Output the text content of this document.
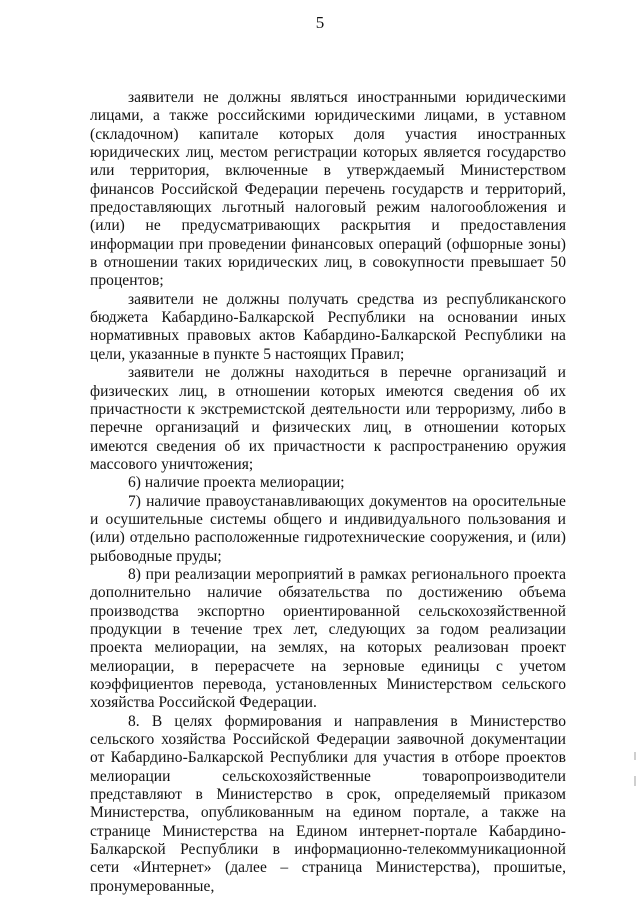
5

заявители не должны являться иностранными юридическими лицами, а также российскими юридическими лицами, в уставном (складочном) капитале которых доля участия иностранных юридических лиц, местом регистрации которых является государство или территория, включенные в утверждаемый Министерством финансов Российской Федерации перечень государств и территорий, предоставляющих льготный налоговый режим налогообложения и (или) не предусматривающих раскрытия и предоставления информации при проведении финансовых операций (офшорные зоны) в отношении таких юридических лиц, в совокупности превышает 50 процентов;

заявители не должны получать средства из республиканского бюджета Кабардино-Балкарской Республики на основании иных нормативных правовых актов Кабардино-Балкарской Республики на цели, указанные в пункте 5 настоящих Правил;

заявители не должны находиться в перечне организаций и физических лиц, в отношении которых имеются сведения об их причастности к экстремистской деятельности или терроризму, либо в перечне организаций и физических лиц, в отношении которых имеются сведения об их причастности к распространению оружия массового уничтожения;

6) наличие проекта мелиорации;

7) наличие правоустанавливающих документов на оросительные и осушительные системы общего и индивидуального пользования и (или) отдельно расположенные гидротехнические сооружения, и (или) рыбоводные пруды;

8) при реализации мероприятий в рамках регионального проекта дополнительно наличие обязательства по достижению объема производства экспортно ориентированной сельскохозяйственной продукции в течение трех лет, следующих за годом реализации проекта мелиорации, на землях, на которых реализован проект мелиорации, в перерасчете на зерновые единицы с учетом коэффициентов перевода, установленных Министерством сельского хозяйства Российской Федерации.

8. В целях формирования и направления в Министерство сельского хозяйства Российской Федерации заявочной документации от Кабардино-Балкарской Республики для участия в отборе проектов мелиорации сельскохозяйственные товаропроизводители представляют в Министерство в срок, определяемый приказом Министерства, опубликованным на едином портале, а также на странице Министерства на Едином интернет-портале Кабардино-Балкарской Республики в информационно-телекоммуникационной сети «Интернет» (далее – страница Министерства), прошитые, пронумерованные,
